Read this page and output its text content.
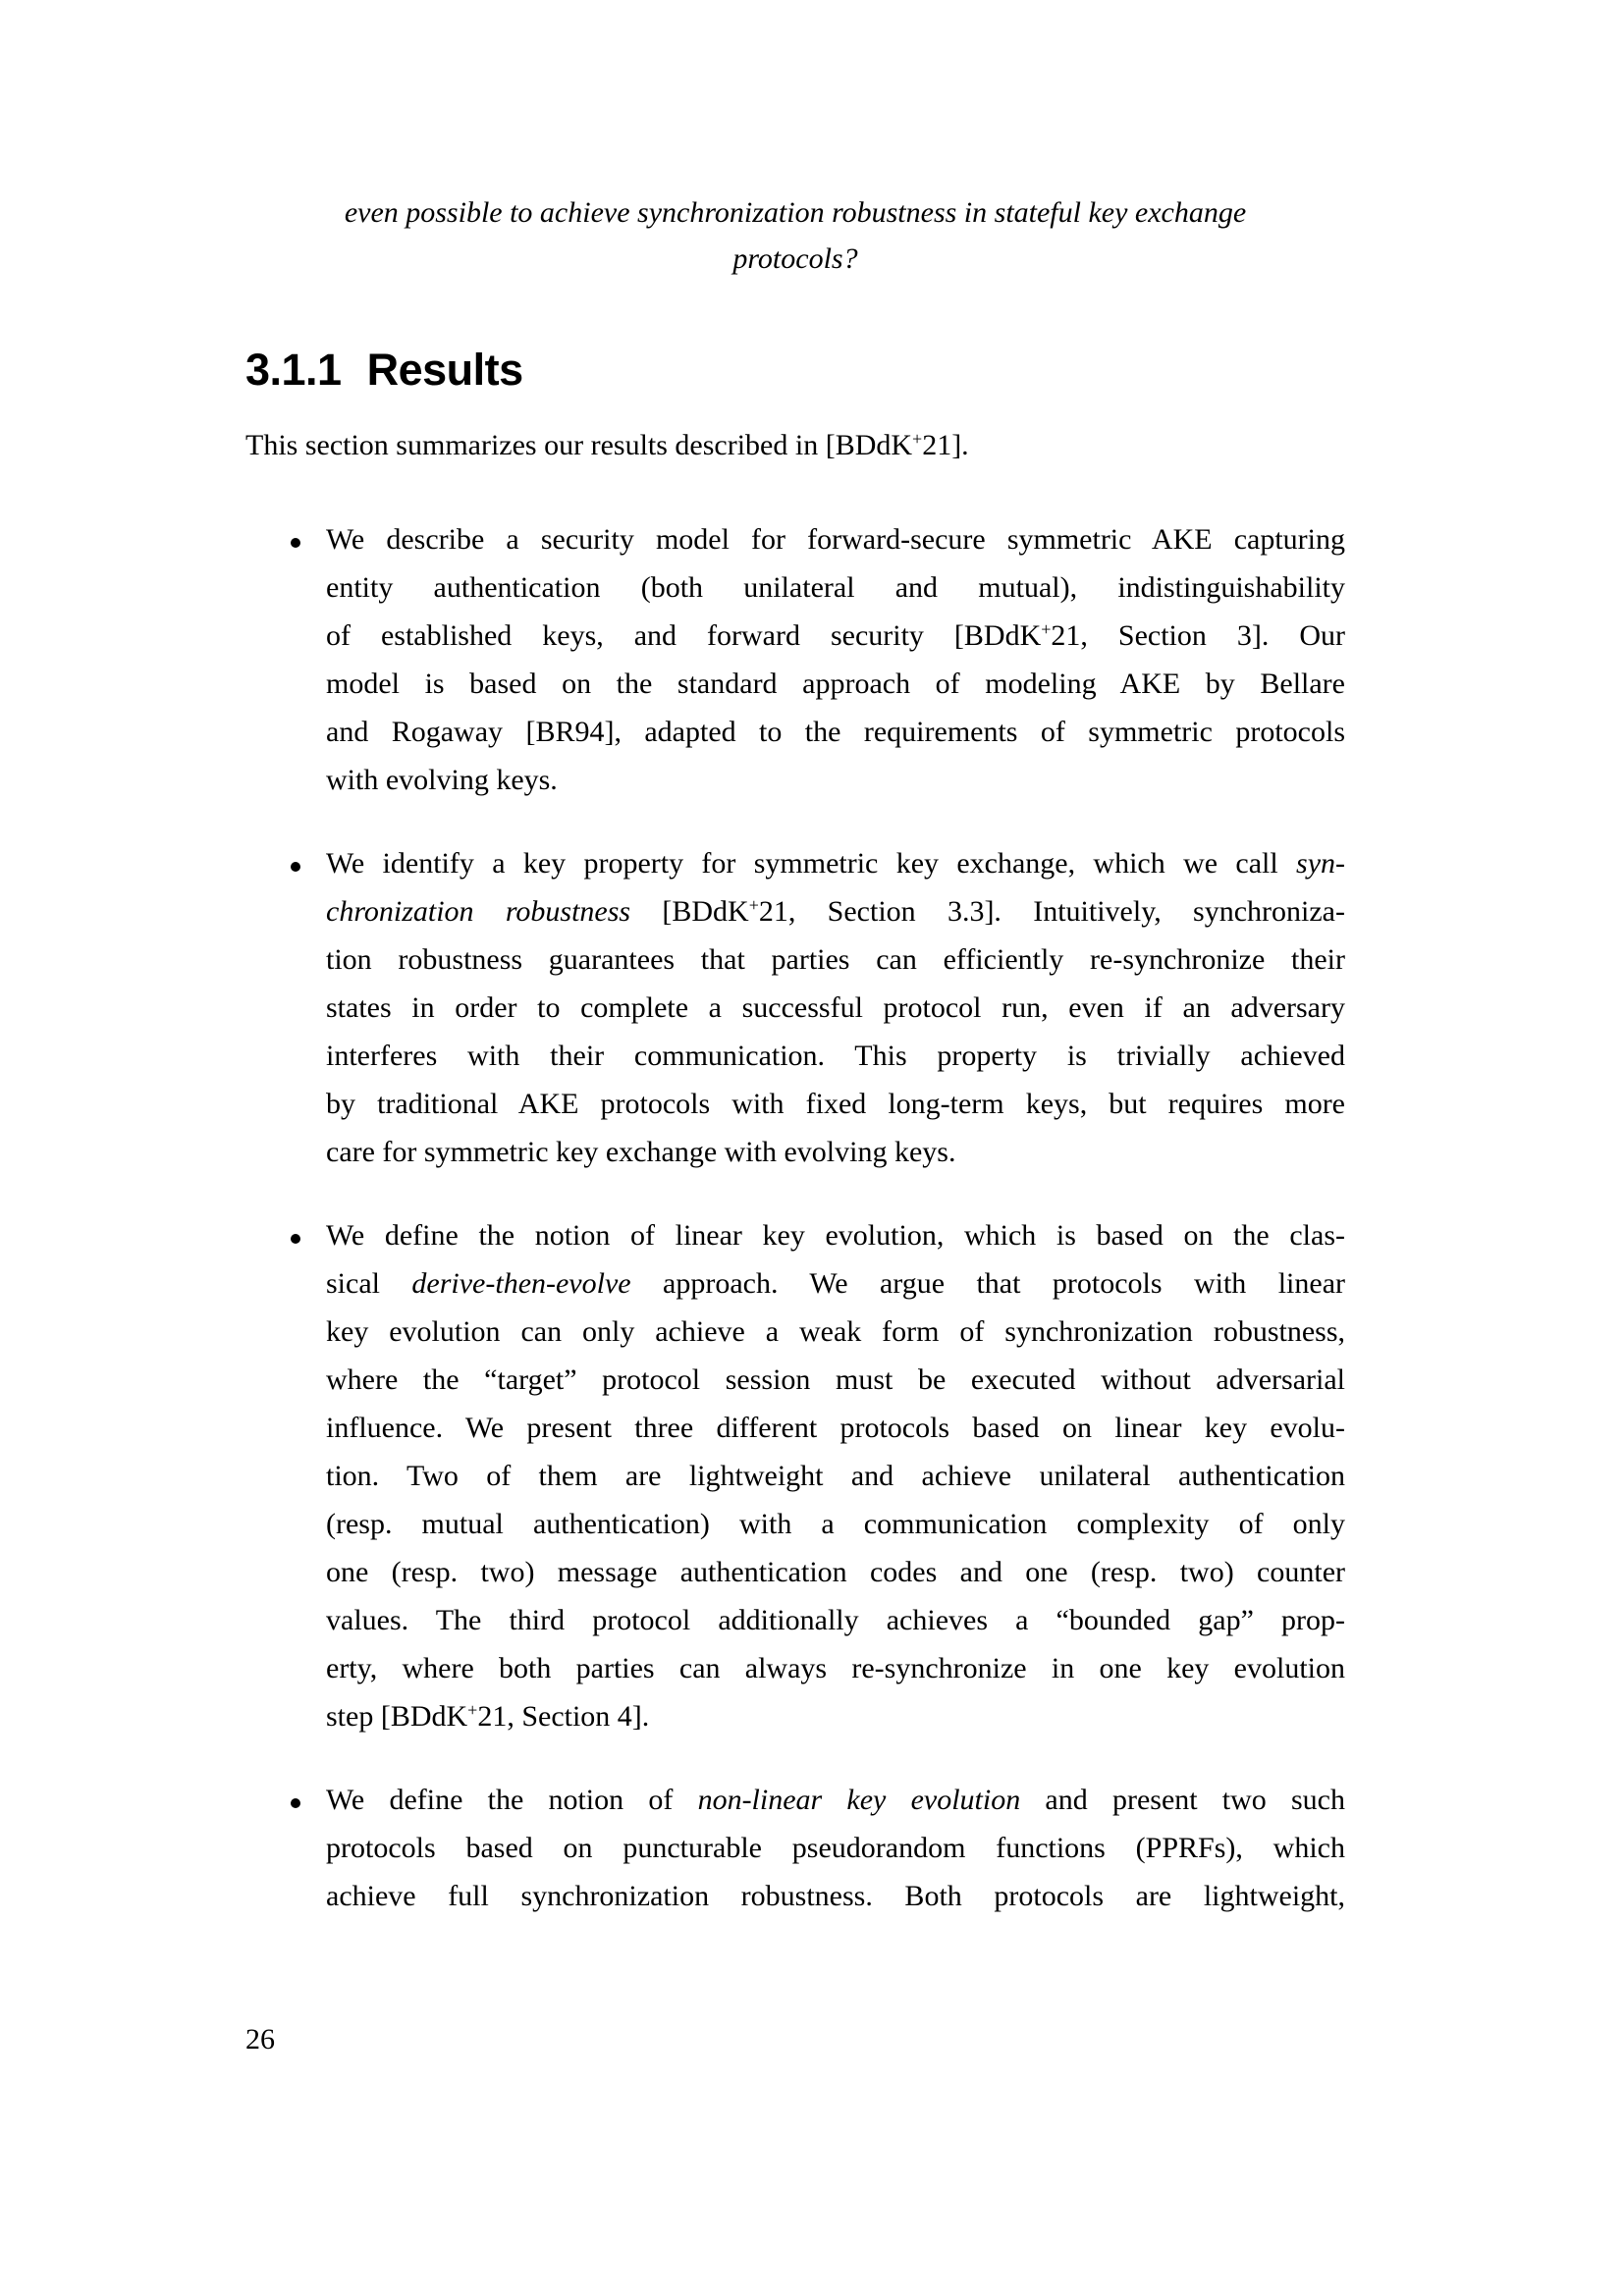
even possible to achieve synchronization robustness in stateful key exchange
protocols?
3.1.1 Results

This section summarizes our results described in [BDdK+21].

We describe a security model for forward-secure symmetric AKE capturing
entity authentication (both unilateral and mutual), indistinguishability
of established keys, and forward security [BDdK+21, Section 3]. Our
model is based on the standard approach of modeling AKE by Bellare
and Rogaway [BR94], adapted to the requirements of symmetric protocols
with evolving keys.
We identify a key property for symmetric key exchange, which we call syn-
chronization robustness [BDdK+21, Section 3.3]. Intuitively, synchroniza-
tion robustness guarantees that parties can efficiently re-synchronize their
states in order to complete a successful protocol run, even if an adversary
interferes with their communication. This property is trivially achieved
by traditional AKE protocols with fixed long-term keys, but requires more
care for symmetric key exchange with evolving keys.
We define the notion of linear key evolution, which is based on the clas-
sical derive-then-evolve approach. We argue that protocols with linear
key evolution can only achieve a weak form of synchronization robustness,
where the “target” protocol session must be executed without adversarial
influence. We present three different protocols based on linear key evolu-
tion. Two of them are lightweight and achieve unilateral authentication
(resp. mutual authentication) with a communication complexity of only
one (resp. two) message authentication codes and one (resp. two) counter
values. The third protocol additionally achieves a “bounded gap” prop-
erty, where both parties can always re-synchronize in one key evolution
step [BDdK+21, Section 4].
We define the notion of non-linear key evolution and present two such
protocols based on puncturable pseudorandom functions (PPRFs), which
achieve full synchronization robustness. Both protocols are lightweight,
26
